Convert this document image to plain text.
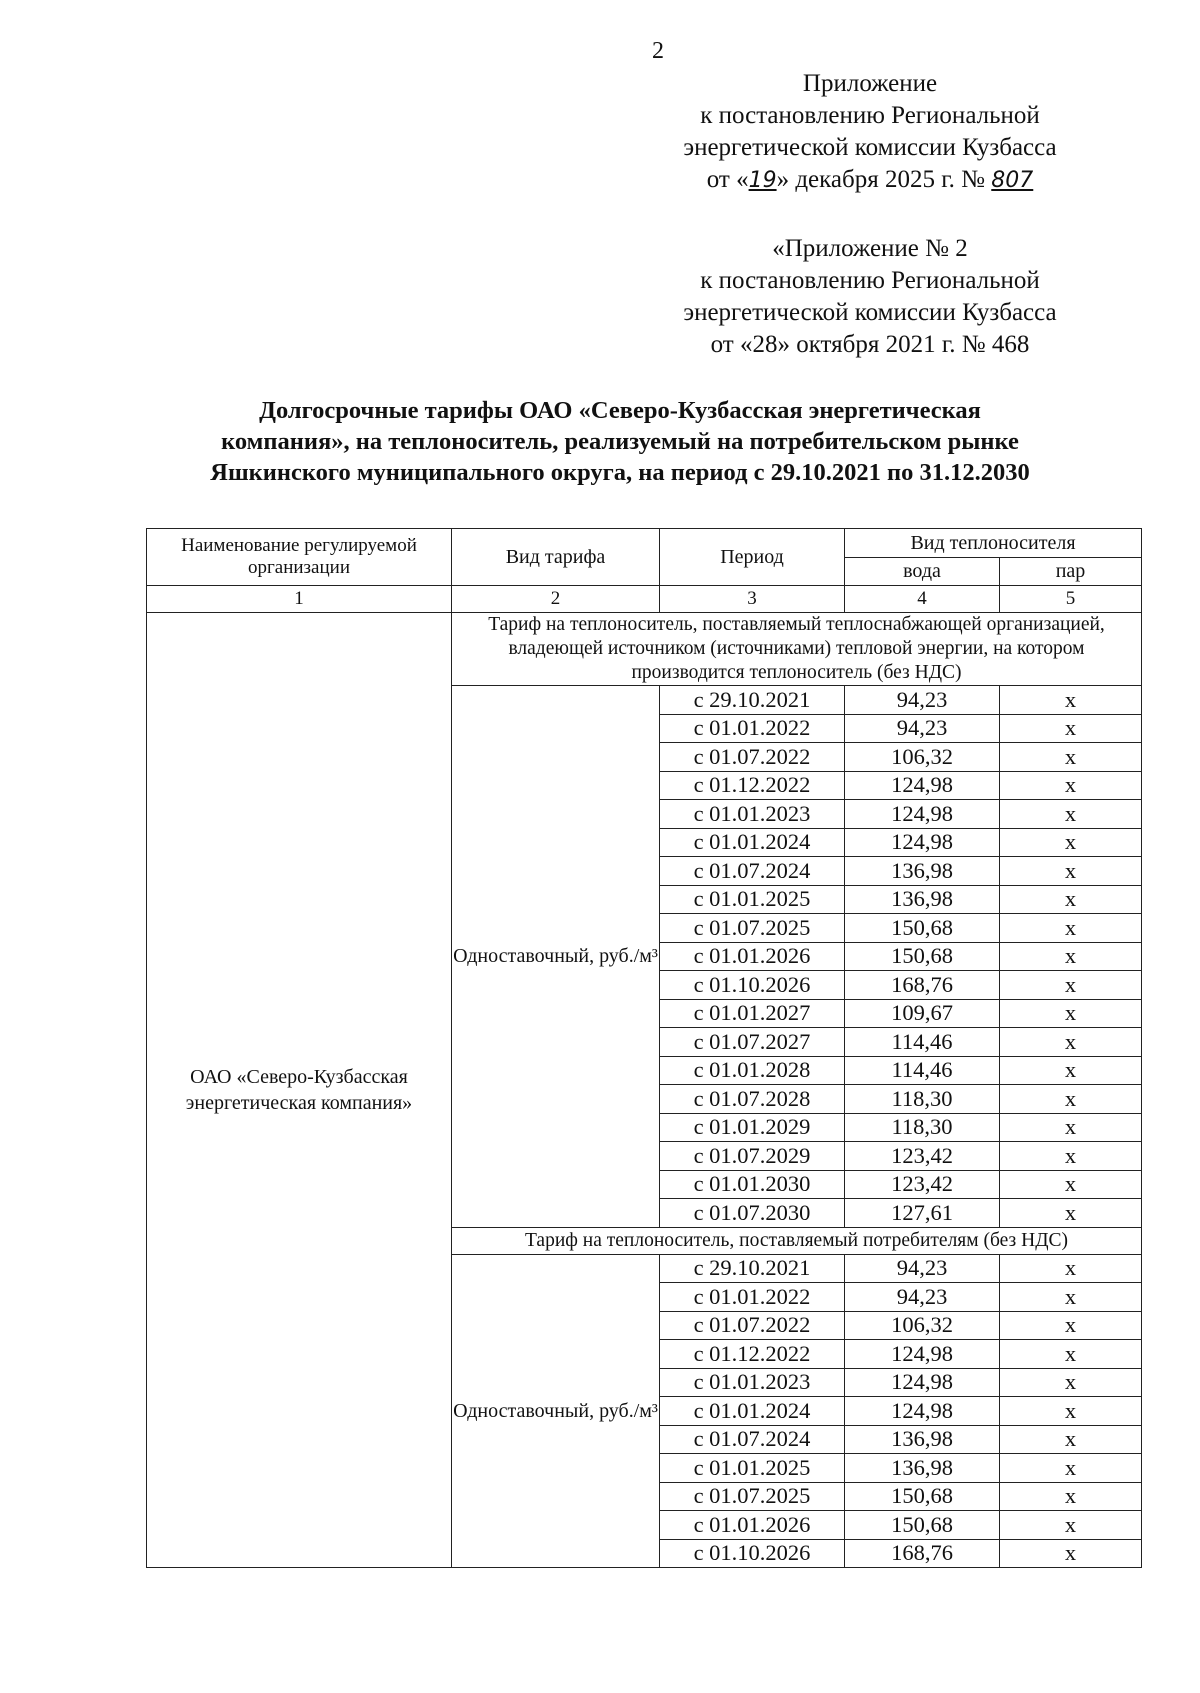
2
Приложение
к постановлению Региональной
энергетической комиссии Кузбасса
от «19» декабря 2025 г. № 807
«Приложение № 2
к постановлению Региональной
энергетической комиссии Кузбасса
от «28» октября 2021 г. № 468
Долгосрочные тарифы ОАО «Северо-Кузбасская энергетическая
компания», на теплоноситель, реализуемый на потребительском рынке
Яшкинского муниципального округа, на период с 29.10.2021 по 31.12.2030
Наименование регулируемой организации	Вид тарифа	Период	Вид теплоносителя	
			вода	пар
1	2	3	4	5
ОАО «Северо-Кузбасская энергетическая компания»	Тариф на теплоноситель, поставляемый теплоснабжающей организацией, владеющей источником (источниками) тепловой энергии, на котором производится теплоноситель (без НДС)			
	Одноставочный, руб./м³	с 29.10.2021	94,23	х
		с 01.01.2022	94,23	х
		с 01.07.2022	106,32	х
		с 01.12.2022	124,98	х
		с 01.01.2023	124,98	х
		с 01.01.2024	124,98	х
		с 01.07.2024	136,98	х
		с 01.01.2025	136,98	х
		с 01.07.2025	150,68	х
		с 01.01.2026	150,68	х
		с 01.10.2026	168,76	х
		с 01.01.2027	109,67	х
		с 01.07.2027	114,46	х
		с 01.01.2028	114,46	х
		с 01.07.2028	118,30	х
		с 01.01.2029	118,30	х
		с 01.07.2029	123,42	х
		с 01.01.2030	123,42	х
		с 01.07.2030	127,61	х
	Тариф на теплоноситель, поставляемый потребителям (без НДС)			
	Одноставочный, руб./м³	с 29.10.2021	94,23	х
		с 01.01.2022	94,23	х
		с 01.07.2022	106,32	х
		с 01.12.2022	124,98	х
		с 01.01.2023	124,98	х
		с 01.01.2024	124,98	х
		с 01.07.2024	136,98	х
		с 01.01.2025	136,98	х
		с 01.07.2025	150,68	х
		с 01.01.2026	150,68	х
		с 01.10.2026	168,76	х
